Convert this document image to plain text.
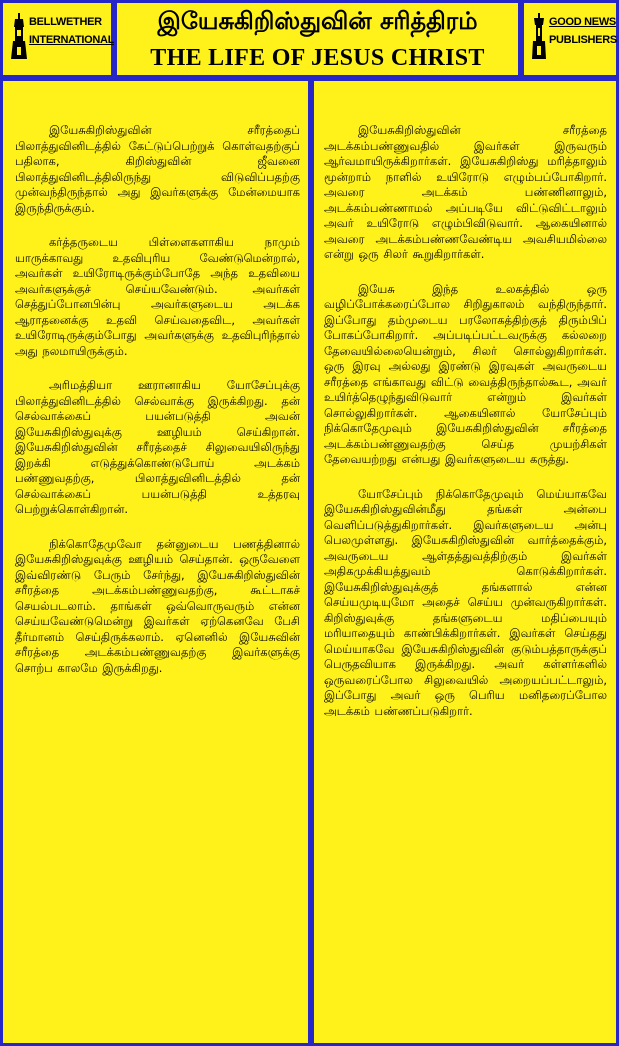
BELLWETHER
INTERNATIONAL
இயேசுகிறிஸ்துவின் சரித்திரம்
THE LIFE OF JESUS CHRIST
GOOD NEWS
PUBLISHERS

இயேசுகிறிஸ்துவின் சரீரத்தைப் பிலாத்துவினிடத்தில் கேட்டுப்பெற்றுக் கொள்வதற்குப் பதிலாக, கிறிஸ்துவின் ஜீவனை பிலாத்துவினிடத்திலிருந்து விடுவிப்பதற்கு முன்வந்திருந்தால் அது இவர்களுக்கு மேன்மையாக இருந்திருக்கும்.

கர்த்தருடைய பிள்ளைகளாகிய நாமும் யாருக்காவது உதவிபுரிய வேண்டுமென்றால், அவர்கள் உயிரோடிருக்கும்போதே அந்த உதவியை அவர்களுக்குச் செய்யவேண்டும். அவர்கள் செத்துப்போனபின்பு அவர்களுடைய அடக்க ஆராதனைக்கு உதவி செய்வதைவிட, அவர்கள் உயிரோடிருக்கும்போது அவர்களுக்கு உதவிபுரிந்தால் அது நலமாயிருக்கும்.

அரிமத்தியா ஊரானாகிய யோசேப்புக்கு பிலாத்துவினிடத்தில் செல்வாக்கு இருக்கிறது. தன் செல்வாக்கைப் பயன்படுத்தி அவன் இயேசுகிறிஸ்துவுக்கு ஊழியம் செய்கிறான். இயேசுகிறிஸ்துவின் சரீரத்தைச் சிலுவையிலிருந்து இறக்கி எடுத்துக்கொண்டுபோய் அடக்கம் பண்ணுவதற்கு, பிலாத்துவினிடத்தில் தன் செல்வாக்கைப் பயன்படுத்தி உத்தரவு பெற்றுக்கொள்கிறான்.

நிக்கொதேமுவோ தன்னுடைய பணத்தினால் இயேசுகிறிஸ்துவுக்கு ஊழியம் செய்தான். ஒருவேளை இவ்விரண்டு பேரும் சேர்ந்து, இயேசுகிறிஸ்துவின் சரீரத்தை அடக்கம்பண்ணுவதற்கு, கூட்டாகச் செயல்படலாம். தாங்கள் ஒவ்வொருவரும் என்ன செய்யவேண்டுமென்று இவர்கள் ஏற்கெனவே பேசி தீர்மானம் செய்திருக்கலாம். ஏனெனில் இயேசுவின் சரீரத்தை அடக்கம்பண்ணுவதற்கு இவர்களுக்கு சொற்ப காலமே இருக்கிறது.

இயேசுகிறிஸ்துவின் சரீரத்தை அடக்கம்பண்ணுவதில் இவர்கள் இருவரும் ஆர்வமாயிருக்கிறார்கள். இயேசுகிறிஸ்து மரித்தாலும் மூன்றாம் நாளில் உயிரோடு எழும்பப்போகிறார். அவரை அடக்கம் பண்ணினாலும், அடக்கம்பண்ணாமல் அப்படியே விட்டுவிட்டாலும் அவர் உயிரோடு எழும்பிவிடுவார். ஆகையினால் அவரை அடக்கம்பண்ணவேண்டிய அவசியமில்லை என்று ஒரு சிலர் கூறுகிறார்கள்.

இயேசு இந்த உலகத்தில் ஒரு வழிப்போக்கரைப்போல சிறிதுகாலம் வந்திருந்தார். இப்போது தம்முடைய பரலோகத்திற்குத் திரும்பிப் போகப்போகிறார். அப்படிப்பட்டவருக்கு கல்லறை தேவையில்லையென்றும், சிலர் சொல்லுகிறார்கள். ஒரு இரவு அல்லது இரண்டு இரவுகள் அவருடைய சரீரத்தை எங்காவது விட்டு வைத்திருந்தால்கூட, அவர் உயிர்த்தெழுந்துவிடுவார் என்றும் இவர்கள் சொல்லுகிறார்கள். ஆகையினால் யோசேப்பும் நிக்கொதேமுவும் இயேசுகிறிஸ்துவின் சரீரத்தை அடக்கம்பண்ணுவதற்கு செய்த முயற்சிகள் தேவையற்றது என்பது இவர்களுடைய கருத்து.

யோசேப்பும் நிக்கொதேமுவும் மெய்யாகவே இயேசுகிறிஸ்துவின்மீது தங்கள் அன்பை வெளிப்படுத்துகிறார்கள். இவர்களுடைய அன்பு பெலமுள்ளது. இயேசுகிறிஸ்துவின் வார்த்தைக்கும், அவருடைய ஆள்தத்துவத்திற்கும் இவர்கள் அதிகமுக்கியத்துவம் கொடுக்கிறார்கள். இயேசுகிறிஸ்துவுக்குத் தங்களால் என்ன செய்யமுடியுமோ அதைச் செய்ய முன்வருகிறார்கள். கிறிஸ்துவுக்கு தங்களுடைய மதிப்பையும் மரியாதையும் காண்பிக்கிறார்கள். இவர்கள் செய்தது மெய்யாகவே இயேசுகிறிஸ்துவின் குடும்பத்தாருக்குப் பெருதவியாக இருக்கிறது. அவர் கள்ளர்களில் ஒருவரைப்போல சிலுவையில் அறையப்பட்டாலும், இப்போது அவர் ஒரு பெரிய மனிதரைப்போல அடக்கம் பண்ணப்படுகிறார்.
